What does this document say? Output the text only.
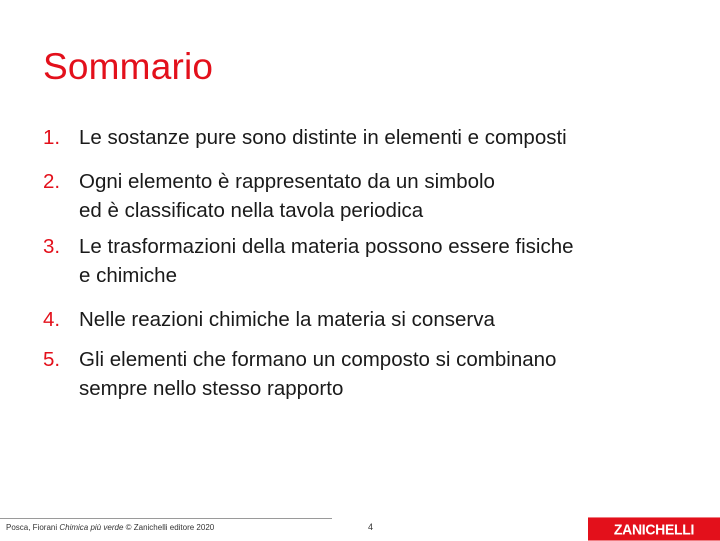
Sommario
1. Le sostanze pure sono distinte in elementi e composti
2. Ogni elemento è rappresentato da un simbolo
ed è classificato nella tavola periodica
3. Le trasformazioni della materia possono essere fisiche
e chimiche
4. Nelle reazioni chimiche la materia si conserva
5. Gli elementi che formano un composto si combinano
sempre nello stesso rapporto
Posca, Fiorani Chimica più verde © Zanichelli editore 2020	4	ZANICHELLI
